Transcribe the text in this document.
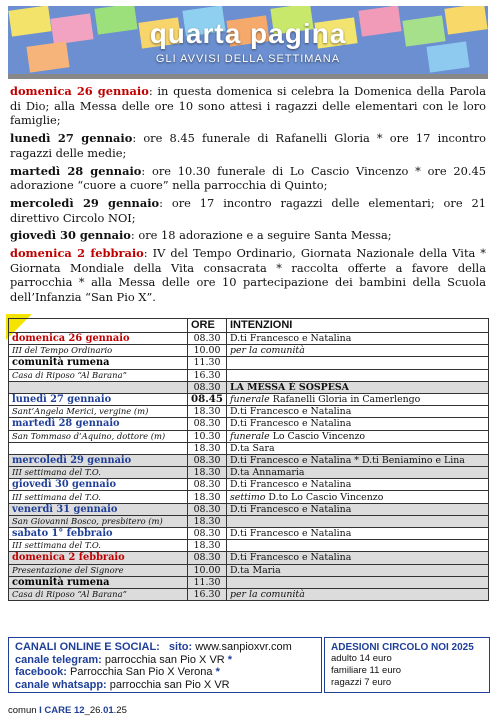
quarta pagina
GLI AVVISI DELLA SETTIMANA

domenica 26 gennaio: in questa domenica si celebra la Domenica della Parola di Dio; alla Messa delle ore 10 sono attesi i ragazzi delle elementari con le loro famiglie;

lunedì 27 gennaio: ore 8.45 funerale di Rafanelli Gloria * ore 17 incontro ragazzi delle medie;

martedì 28 gennaio: ore 10.30 funerale di Lo Cascio Vincenzo * ore 20.45 adorazione “cuore a cuore” nella parrocchia di Quinto;

mercoledì 29 gennaio: ore 17 incontro ragazzi delle elementari; ore 21 direttivo Circolo NOI;

giovedì 30 gennaio: ore 18 adorazione e a seguire Santa Messa;

domenica 2 febbraio: IV del Tempo Ordinario, Giornata Nazionale della Vita * Giornata Mondiale della Vita consacrata * raccolta offerte a favore della parrocchia * alla Messa delle ore 10 partecipazione dei bambini della Scuola dell’Infanzia “San Pio X”.

	ORE	INTENZIONI
domenica 26 gennaio	08.30	D.ti Francesco e Natalina
III del Tempo Ordinario	10.00	per la comunità
comunità rumena	11.30	
Casa di Riposo “Al Barana”	16.30	
	08.30	LA MESSA È SOSPESA
lunedì 27 gennaio	08.45	funerale Rafanelli Gloria in Camerlengo
Sant’Angela Merici, vergine (m)	18.30	D.ti Francesco e Natalina
martedì 28 gennaio	08.30	D.ti Francesco e Natalina
San Tommaso d’Aquino, dottore (m)	10.30	funerale Lo Cascio Vincenzo
	18.30	D.ta Sara
mercoledì 29 gennaio	08.30	D.ti Francesco e Natalina * D.ti Beniamino e Lina
III settimana del T.O.	18.30	D.ta Annamaria
giovedì 30 gennaio	08.30	D.ti Francesco e Natalina
III settimana del T.O.	18.30	settimo D.to Lo Cascio Vincenzo
venerdì 31 gennaio	08.30	D.ti Francesco e Natalina
San Giovanni Bosco, presbitero (m)	18.30	
sabato 1° febbraio	08.30	D.ti Francesco e Natalina
III settimana del T.O.	18.30	
domenica 2 febbraio	08.30	D.ti Francesco e Natalina
Presentazione del Signore	10.00	D.ta Maria
comunità rumena	11.30	
Casa di Riposo “Al Barana”	16.30	per la comunità
CANALI ONLINE E SOCIAL: sito: www.sanpioxvr.com
canale telegram: parrocchia san Pio X VR *
facebook: Parrocchia San Pio X Verona *
canale whatsapp: parrocchia san Pio X VR
ADESIONI CIRCOLO NOI 2025
adulto 14 euro
familiare 11 euro
ragazzi 7 euro
comun I CARE 12_26.01.25
